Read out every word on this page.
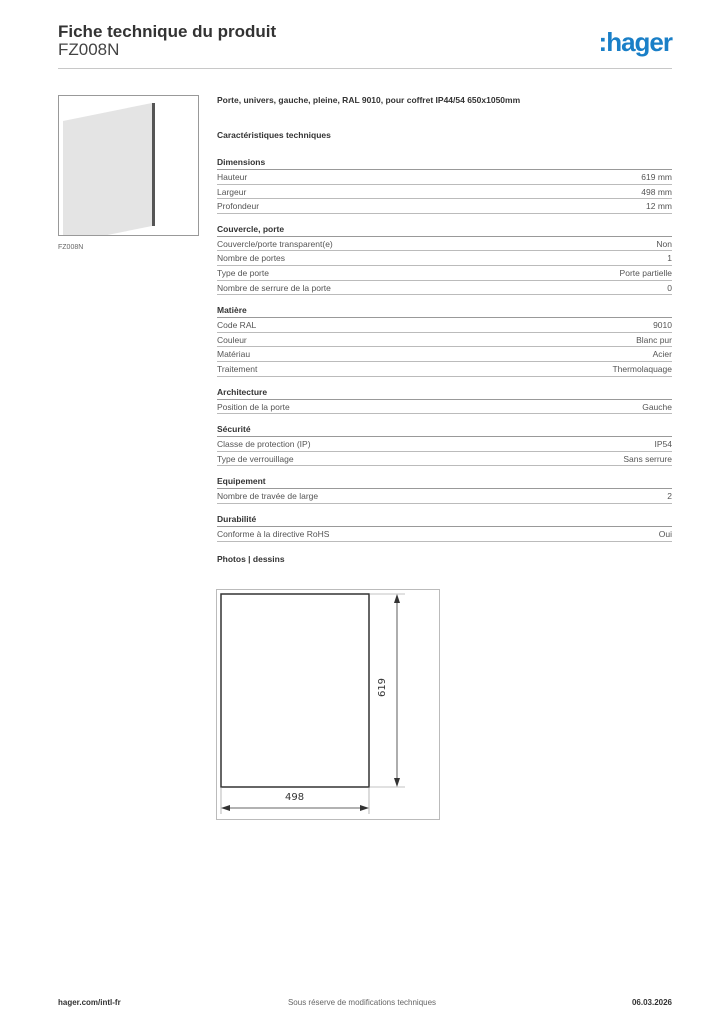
Fiche technique du produit
FZ008N	:hager
FZ008N
Porte, univers, gauche, pleine, RAL 9010, pour coffret IP44/54 650x1050mm
Caractéristiques techniques
Dimensions
Hauteur	619 mm
Largeur	498 mm
Profondeur	12 mm
Couvercle, porte
Couvercle/porte transparent(e)	Non
Nombre de portes	1
Type de porte	Porte partielle
Nombre de serrure de la porte	0
Matière
Code RAL	9010
Couleur	Blanc pur
Matériau	Acier
Traitement	Thermolaquage
Architecture
Position de la porte	Gauche
Sécurité
Classe de protection (IP)	IP54
Type de verrouillage	Sans serrure
Equipement
Nombre de travée de large	2
Durabilité
Conforme à la directive RoHS	Oui
Photos | dessins
619
498
hager.com/intl-fr	Sous réserve de modifications techniques	06.03.2026
